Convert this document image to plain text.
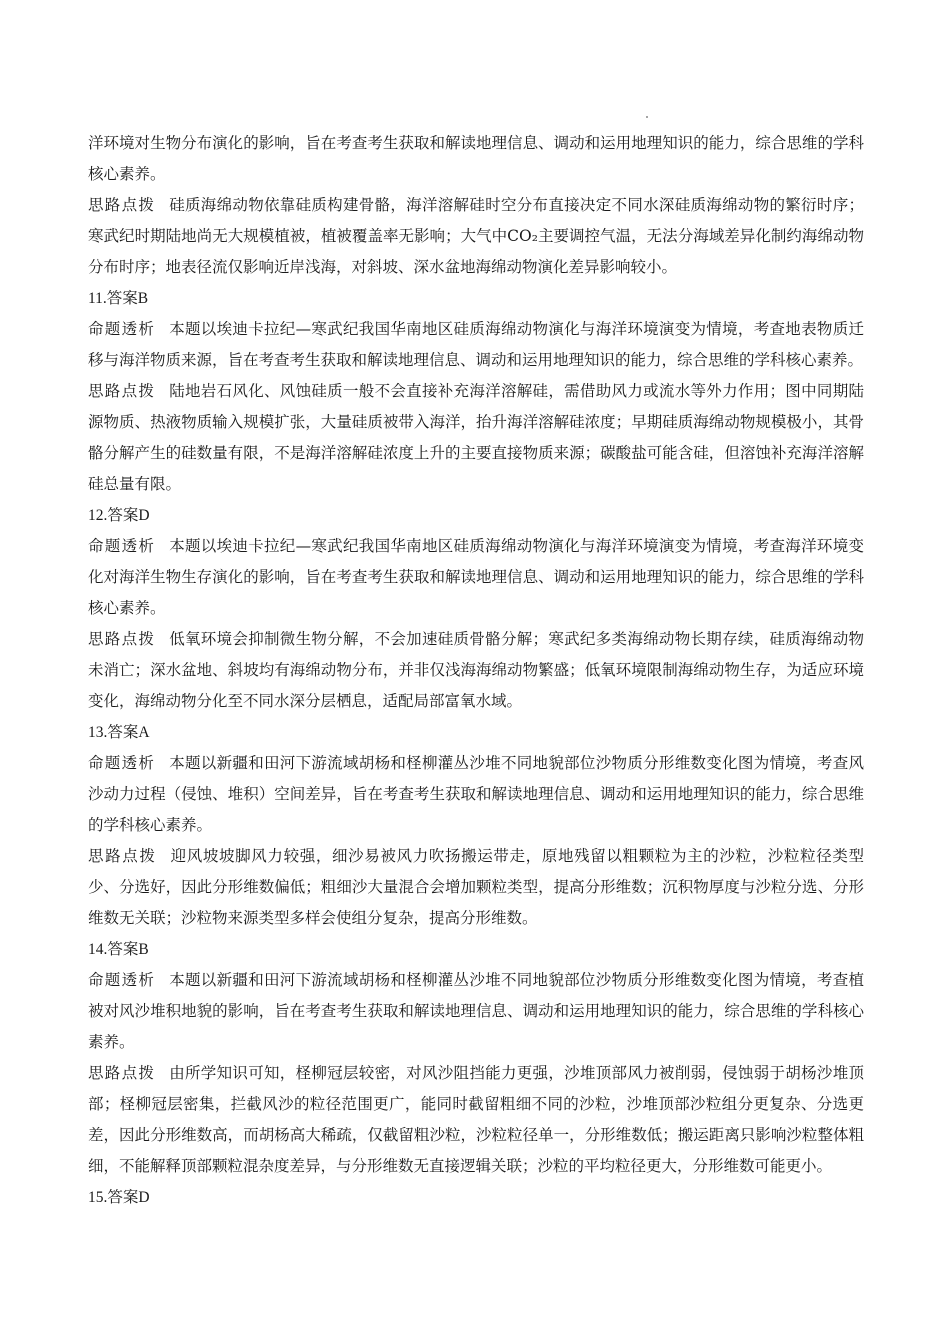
洋环境对生物分布演化的影响，旨在考查考生获取和解读地理信息、调动和运用地理知识的能力，综合思维的学科核心素养。

思路点拨 硅质海绵动物依靠硅质构建骨骼，海洋溶解硅时空分布直接决定不同水深硅质海绵动物的繁衍时序；寒武纪时期陆地尚无大规模植被，植被覆盖率无影响；大气中CO₂主要调控气温，无法分海域差异化制约海绵动物分布时序；地表径流仅影响近岸浅海，对斜坡、深水盆地海绵动物演化差异影响较小。

11.答案B

命题透析 本题以埃迪卡拉纪—寒武纪我国华南地区硅质海绵动物演化与海洋环境演变为情境，考查地表物质迁移与海洋物质来源，旨在考查考生获取和解读地理信息、调动和运用地理知识的能力，综合思维的学科核心素养。

思路点拨 陆地岩石风化、风蚀硅质一般不会直接补充海洋溶解硅，需借助风力或流水等外力作用；图中同期陆源物质、热液物质输入规模扩张，大量硅质被带入海洋，抬升海洋溶解硅浓度；早期硅质海绵动物规模极小，其骨骼分解产生的硅数量有限，不是海洋溶解硅浓度上升的主要直接物质来源；碳酸盐可能含硅，但溶蚀补充海洋溶解硅总量有限。

12.答案D

命题透析 本题以埃迪卡拉纪—寒武纪我国华南地区硅质海绵动物演化与海洋环境演变为情境，考查海洋环境变化对海洋生物生存演化的影响，旨在考查考生获取和解读地理信息、调动和运用地理知识的能力，综合思维的学科核心素养。

思路点拨 低氧环境会抑制微生物分解，不会加速硅质骨骼分解；寒武纪多类海绵动物长期存续，硅质海绵动物未消亡；深水盆地、斜坡均有海绵动物分布，并非仅浅海海绵动物繁盛；低氧环境限制海绵动物生存，为适应环境变化，海绵动物分化至不同水深分层栖息，适配局部富氧水域。

13.答案A

命题透析 本题以新疆和田河下游流域胡杨和柽柳灌丛沙堆不同地貌部位沙物质分形维数变化图为情境，考查风沙动力过程（侵蚀、堆积）空间差异，旨在考查考生获取和解读地理信息、调动和运用地理知识的能力，综合思维的学科核心素养。

思路点拨 迎风坡坡脚风力较强，细沙易被风力吹扬搬运带走，原地残留以粗颗粒为主的沙粒，沙粒粒径类型少、分选好，因此分形维数偏低；粗细沙大量混合会增加颗粒类型，提高分形维数；沉积物厚度与沙粒分选、分形维数无关联；沙粒物来源类型多样会使组分复杂，提高分形维数。

14.答案B

命题透析 本题以新疆和田河下游流域胡杨和柽柳灌丛沙堆不同地貌部位沙物质分形维数变化图为情境，考查植被对风沙堆积地貌的影响，旨在考查考生获取和解读地理信息、调动和运用地理知识的能力，综合思维的学科核心素养。

思路点拨 由所学知识可知，柽柳冠层较密，对风沙阻挡能力更强，沙堆顶部风力被削弱，侵蚀弱于胡杨沙堆顶部；柽柳冠层密集，拦截风沙的粒径范围更广，能同时截留粗细不同的沙粒，沙堆顶部沙粒组分更复杂、分选更差，因此分形维数高，而胡杨高大稀疏，仅截留粗沙粒，沙粒粒径单一，分形维数低；搬运距离只影响沙粒整体粗细，不能解释顶部颗粒混杂度差异，与分形维数无直接逻辑关联；沙粒的平均粒径更大，分形维数可能更小。

15.答案D
